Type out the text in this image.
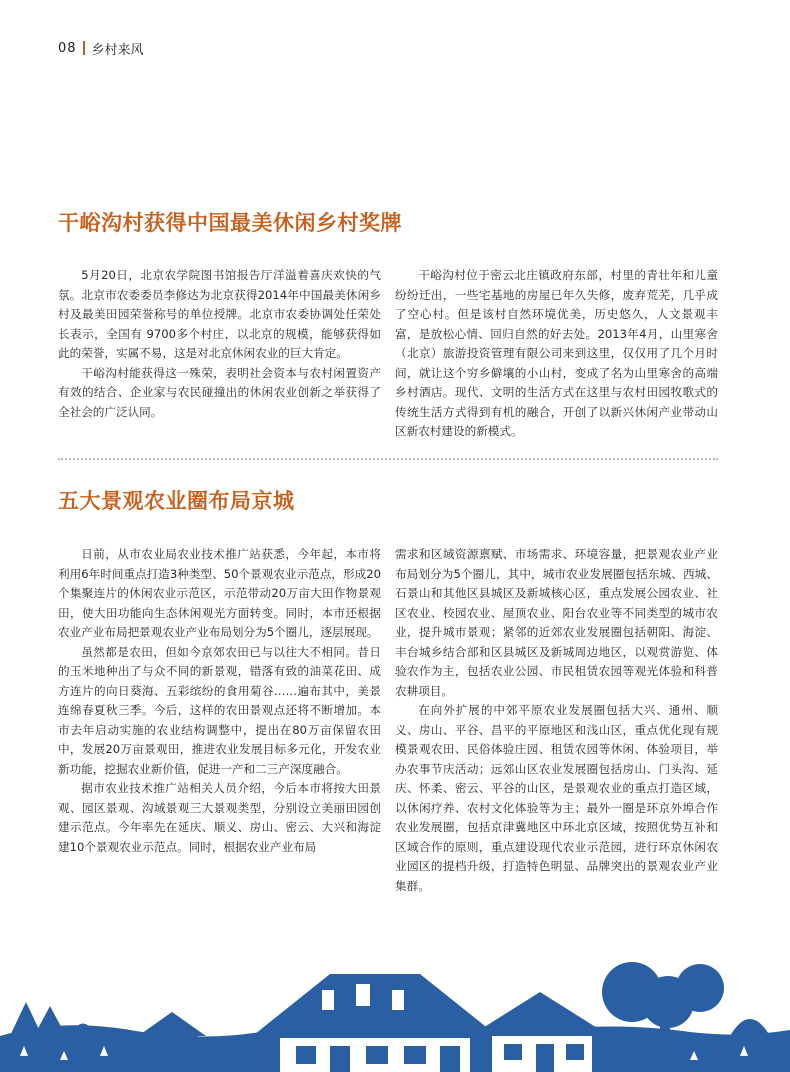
08 乡村来风
干峪沟村获得中国最美休闲乡村奖牌

5月20日，北京农学院图书馆报告厅洋溢着喜庆欢快的气氛。北京市农委委员李修达为北京获得2014年中国最美休闲乡村及最美田园荣誉称号的单位授牌。北京市农委协调处任荣处长表示，全国有 9700多个村庄，以北京的规模，能够获得如此的荣誉，实属不易，这是对北京休闲农业的巨大肯定。

干峪沟村能获得这一殊荣，表明社会资本与农村闲置资产有效的结合、企业家与农民碰撞出的休闲农业创新之举获得了全社会的广泛认同。

干峪沟村位于密云北庄镇政府东部，村里的青壮年和儿童纷纷迁出，一些宅基地的房屋已年久失修，废弃荒芜，几乎成了空心村。但是该村自然环境优美，历史悠久，人文景观丰富，是放松心情、回归自然的好去处。2013年4月，山里寒舍（北京）旅游投资管理有限公司来到这里，仅仅用了几个月时间，就让这个穷乡僻壤的小山村，变成了名为山里寒舍的高端乡村酒店。现代、文明的生活方式在这里与农村田园牧歌式的传统生活方式得到有机的融合，开创了以新兴休闲产业带动山区新农村建设的新模式。

五大景观农业圈布局京城

日前，从市农业局农业技术推广站获悉，今年起，本市将利用6年时间重点打造3种类型、50个景观农业示范点，形成20个集聚连片的休闲农业示范区，示范带动20万亩大田作物景观田，使大田功能向生态休闲观光方面转变。同时，本市还根据农业产业布局把景观农业产业布局划分为5个圈儿，逐层展现。

虽然都是农田，但如今京郊农田已与以往大不相同。昔日的玉米地种出了与众不同的新景观，错落有致的油菜花田、成方连片的向日葵海、五彩缤纷的食用菊谷……遍布其中，美景连绵春夏秋三季。今后，这样的农田景观点还将不断增加。本市去年启动实施的农业结构调整中，提出在80万亩保留农田中，发展20万亩景观田，推进农业发展目标多元化，开发农业新功能，挖掘农业新价值，促进一产和二三产深度融合。

据市农业技术推广站相关人员介绍，今后本市将按大田景观、园区景观、沟域景观三大景观类型，分别设立美丽田园创建示范点。今年率先在延庆、顺义、房山、密云、大兴和海淀建10个景观农业示范点。同时，根据农业产业布局

需求和区域资源禀赋、市场需求、环境容量，把景观农业产业布局划分为5个圈儿，其中，城市农业发展圈包括东城、西城、石景山和其他区县城区及新城核心区，重点发展公园农业、社区农业、校园农业、屋顶农业、阳台农业等不同类型的城市农业，提升城市景观；紧邻的近郊农业发展圈包括朝阳、海淀、丰台城乡结合部和区县城区及新城周边地区，以观赏游览、体验农作为主，包括农业公园、市民租赁农园等观光体验和科普农耕项目。

在向外扩展的中郊平原农业发展圈包括大兴、通州、顺义、房山、平谷、昌平的平原地区和浅山区，重点优化现有规模景观农田、民俗体验庄园、租赁农园等休闲、体验项目，举办农事节庆活动；远郊山区农业发展圈包括房山、门头沟、延庆、怀柔、密云、平谷的山区，是景观农业的重点打造区域，以休闲疗养、农村文化体验等为主；最外一圈是环京外埠合作农业发展圈，包括京津冀地区中环北京区域，按照优势互补和区域合作的原则，重点建设现代农业示范园，进行环京休闲农业园区的提档升级，打造特色明显、品牌突出的景观农业产业集群。
